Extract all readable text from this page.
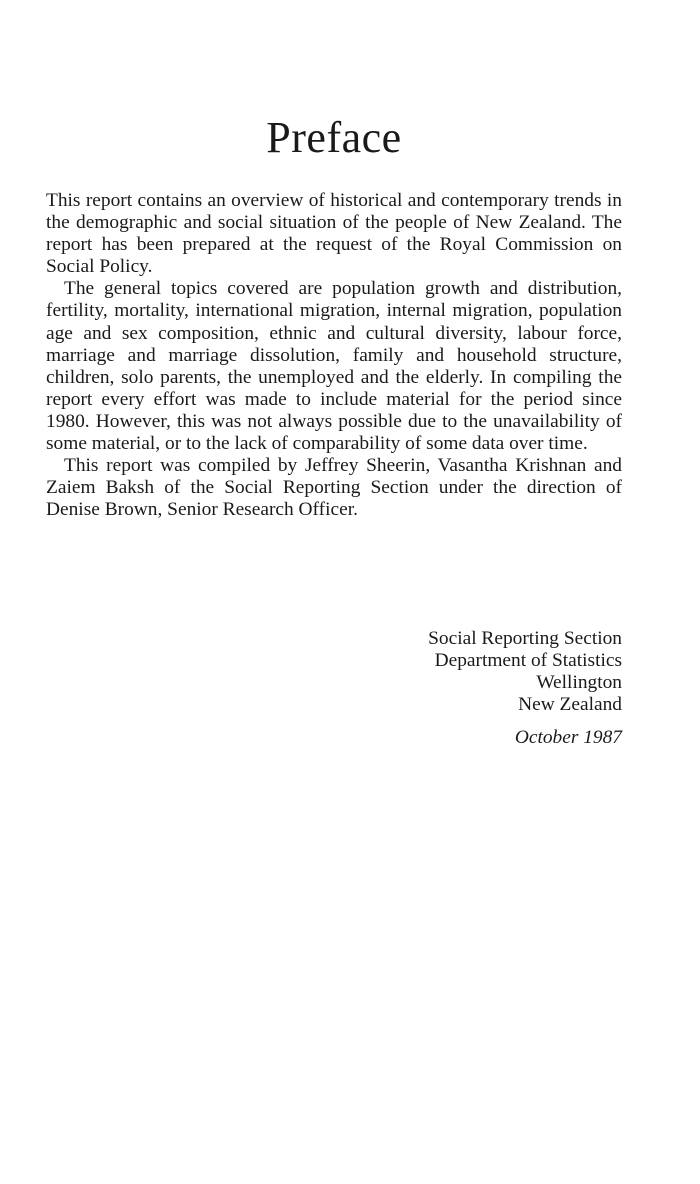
Preface

This report contains an overview of historical and contemporary trends in the demographic and social situation of the people of New Zealand. The report has been prepared at the request of the Royal Commission on Social Policy.

The general topics covered are population growth and distribution, fertility, mortality, international migration, internal migration, population age and sex composition, ethnic and cultural diversity, labour force, marriage and marriage dissolution, family and household structure, children, solo parents, the unemployed and the elderly. In compiling the report every effort was made to include material for the period since 1980. However, this was not always possible due to the unavailability of some material, or to the lack of comparability of some data over time.

This report was compiled by Jeffrey Sheerin, Vasantha Krishnan and Zaiem Baksh of the Social Reporting Section under the direction of Denise Brown, Senior Research Officer.

Social Reporting Section
Department of Statistics
Wellington
New Zealand
October 1987
